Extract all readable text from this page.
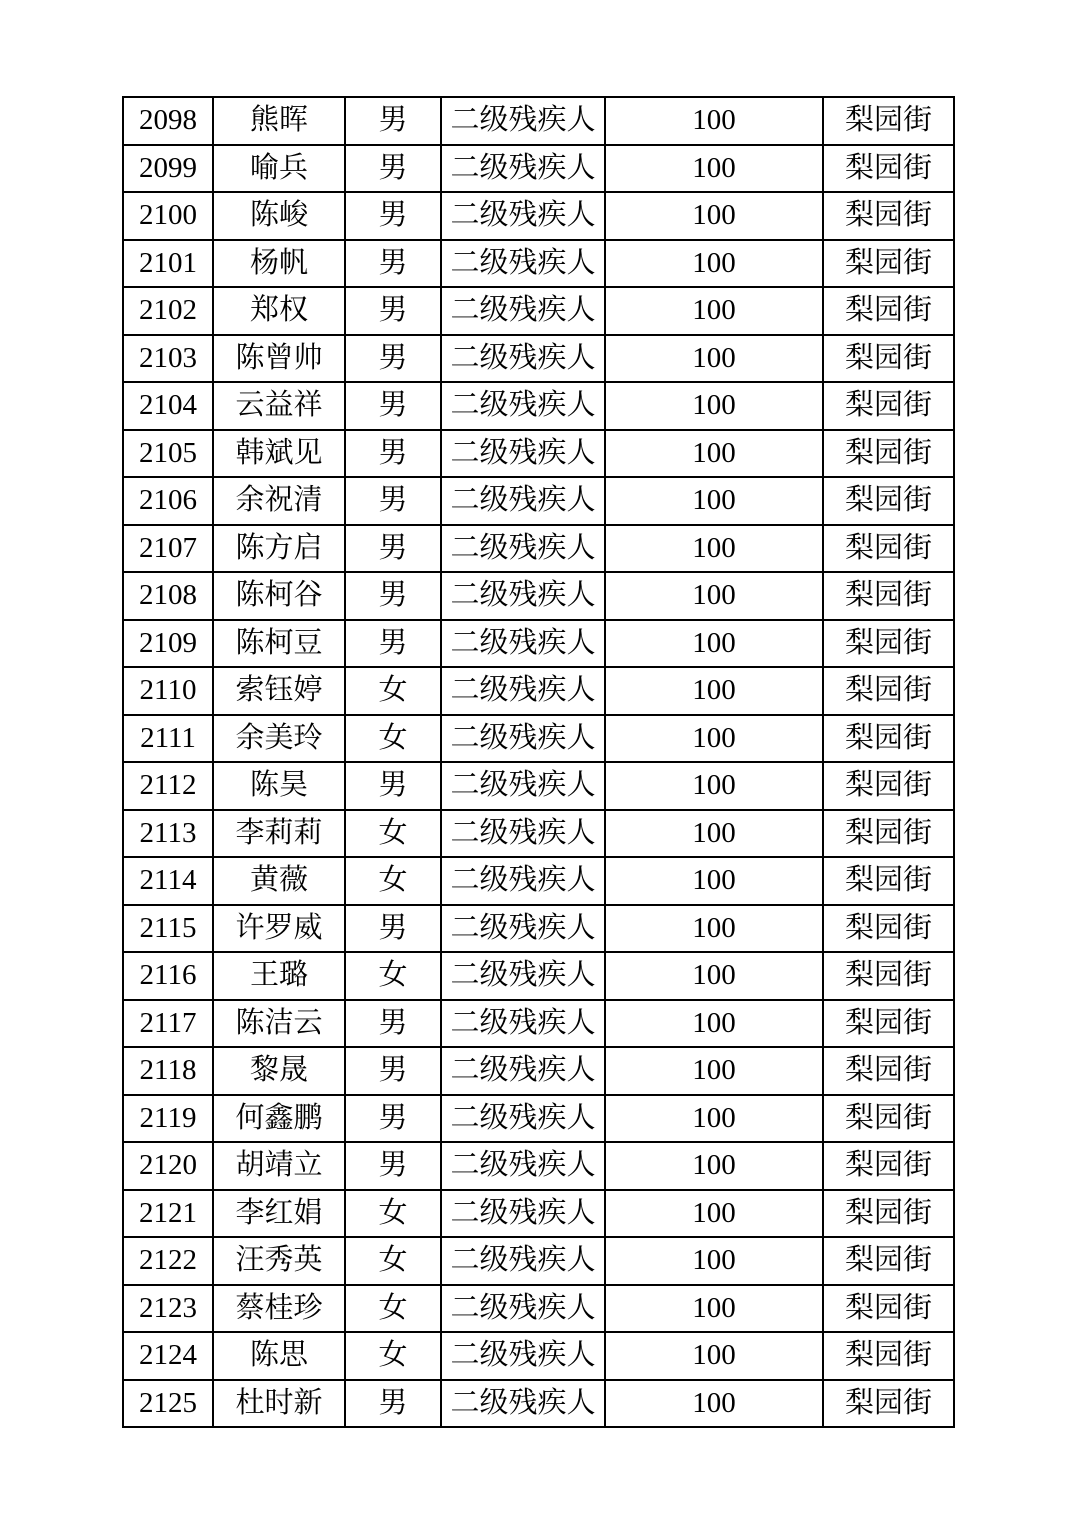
2098	熊晖	男	二级残疾人	100	梨园街
2099	喻兵	男	二级残疾人	100	梨园街
2100	陈峻	男	二级残疾人	100	梨园街
2101	杨帆	男	二级残疾人	100	梨园街
2102	郑权	男	二级残疾人	100	梨园街
2103	陈曾帅	男	二级残疾人	100	梨园街
2104	云益祥	男	二级残疾人	100	梨园街
2105	韩斌见	男	二级残疾人	100	梨园街
2106	余祝清	男	二级残疾人	100	梨园街
2107	陈方启	男	二级残疾人	100	梨园街
2108	陈柯谷	男	二级残疾人	100	梨园街
2109	陈柯豆	男	二级残疾人	100	梨园街
2110	索钰婷	女	二级残疾人	100	梨园街
2111	余美玲	女	二级残疾人	100	梨园街
2112	陈昊	男	二级残疾人	100	梨园街
2113	李莉莉	女	二级残疾人	100	梨园街
2114	黄薇	女	二级残疾人	100	梨园街
2115	许罗威	男	二级残疾人	100	梨园街
2116	王璐	女	二级残疾人	100	梨园街
2117	陈洁云	男	二级残疾人	100	梨园街
2118	黎晟	男	二级残疾人	100	梨园街
2119	何鑫鹏	男	二级残疾人	100	梨园街
2120	胡靖立	男	二级残疾人	100	梨园街
2121	李红娟	女	二级残疾人	100	梨园街
2122	汪秀英	女	二级残疾人	100	梨园街
2123	蔡桂珍	女	二级残疾人	100	梨园街
2124	陈思	女	二级残疾人	100	梨园街
2125	杜时新	男	二级残疾人	100	梨园街
